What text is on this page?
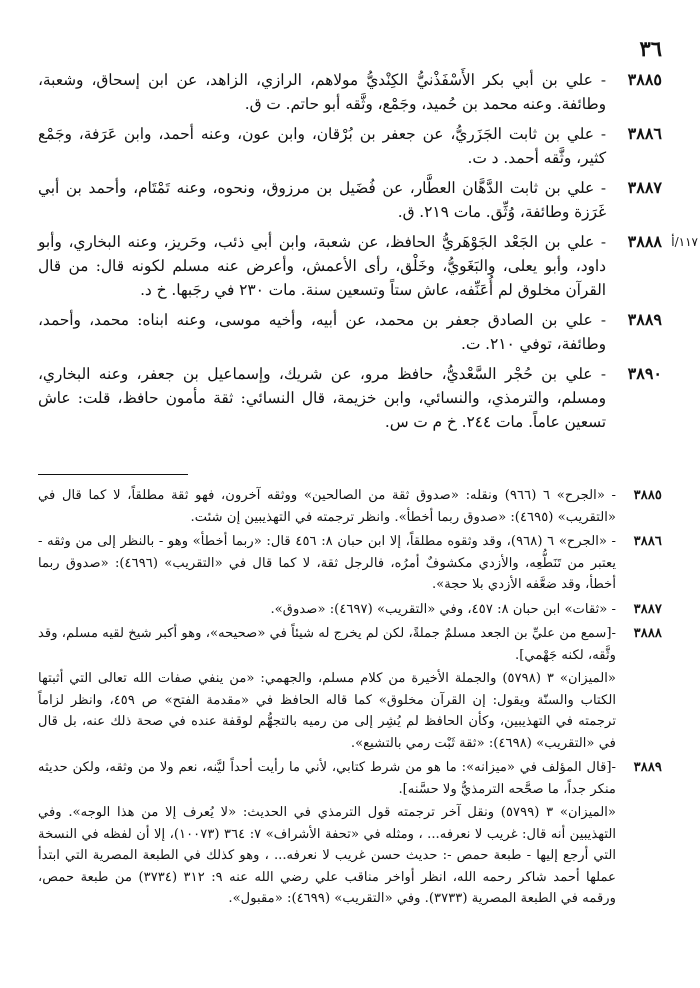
٣٦
٣٨٨٥
- علي بن أبي بكر الأَسْفَذْنيُّ الكِنْديُّ مولاهم، الرازي، الزاهد، عن ابن إسحاق، وشعبة، وطائفة. وعنه محمد بن حُميد، وجَمْع، وثَّقه أبو حاتم. ت ق.
٣٨٨٦
- علي بن ثابت الجَزَريُّ، عن جعفر بن بُرْقان، وابن عون، وعنه أحمد، وابن عَرَفة، وجَمْع كثير، وثَّقه أحمد. د ت.
٣٨٨٧
- علي بن ثابت الدَّهَّان العطَّار، عن فُضَيل بن مرزوق، ونحوه، وعنه تَمْتَام، وأحمد بن أبي غَرَزة وطائفة، وُثِّق. مات ٢١٩. ق.
٣٨٨٨ ١١٧/أ
- علي بن الجَعْد الجَوْهَريُّ الحافظ، عن شعبة، وابن أبي ذئب، وحَريز، وعنه البخاري، وأبو داود، وأبو يعلى، والبَغَويُّ، وخَلْق، رأى الأعمش، وأعرض عنه مسلم لكونه قال: من قال القرآن مخلوق لم أُعَنِّفه، عاش ستاً وتسعين سنة. مات ٢٣٠ في رجَبها. خ د.
٣٨٨٩
- علي بن الصادق جعفر بن محمد، عن أبيه، وأخيه موسى، وعنه ابناه: محمد، وأحمد، وطائفة، توفي ٢١٠. ت.
٣٨٩٠
- علي بن حُجْر السَّعْديُّ، حافظ مرو، عن شريك، وإسماعيل بن جعفر، وعنه البخاري، ومسلم، والترمذي، والنسائي، وابن خزيمة، قال النسائي: ثقة مأمون حافظ، قلت: عاش تسعين عاماً. مات ٢٤٤. خ م ت س.
٣٨٨٥

- «الجرح» ٦ (٩٦٦) ونقله: «صدوق ثقة من الصالحين» ووثقه آخرون، فهو ثقة مطلقاً، لا كما قال في «التقريب» (٤٦٩٥): «صدوق ربما أخطأ». وانظر ترجمته في التهذيبين إن شئت.

٣٨٨٦

- «الجرح» ٦ (٩٦٨)، وقد وثقوه مطلقاً، إلا ابن حبان ٨: ٤٥٦ قال: «ربما أخطأ» وهو - بالنظر إلى من وثقه - يعتبر من تَنَطُّعِه، والأزدي مكشوفٌ أمرُه، فالرجل ثقة، لا كما قال في «التقريب» (٤٦٩٦): «صدوق ربما أخطأ، وقد ضعَّفه الأزدي بلا حجة».

٣٨٨٧

- «ثقات» ابن حبان ٨: ٤٥٧، وفي «التقريب» (٤٦٩٧): «صدوق».

٣٨٨٨

-[سمع من عليِّ بن الجعد مسلمٌ جملةً، لكن لم يخرج له شيئاً في «صحيحه»، وهو أكبر شيخ لقيه مسلم، وقد وثَّقه، لكنه جَهْمي].

«الميزان» ٣ (٥٧٩٨) والجملة الأخيرة من كلام مسلم، والجهمي: «من ينفي صفات الله تعالى التي أثبتها الكتاب والسنّة ويقول: إن القرآن مخلوق» كما قاله الحافظ في «مقدمة الفتح» ص ٤٥٩، وانظر لزاماً ترجمته في التهذيبين، وكأن الحافظ لم يُشِر إلى من رميه بالتجهُّم لوقفة عنده في صحة ذلك عنه، بل قال في «التقريب» (٤٦٩٨): «ثقة ثَبْت رمي بالتشيع».

٣٨٨٩

-[قال المؤلف في «ميزانه»: ما هو من شرط كتابي، لأني ما رأيت أحداً ليَّنه، نعم ولا من وثقه، ولكن حديثه منكر جداً، ما صحَّحه الترمذيُّ ولا حسَّنه].

«الميزان» ٣ (٥٧٩٩) ونقل آخر ترجمته قول الترمذي في الحديث: «لا يُعرف إلا من هذا الوجه». وفي التهذيبين أنه قال: غريب لا نعرفه... ، ومثله في «تحفة الأشراف» ٧: ٣٦٤ (١٠٠٧٣)، إلا أن لفظه في النسخة التي أرجع إليها - طبعة حمص -: حديث حسن غريب لا نعرفه... ، وهو كذلك في الطبعة المصرية التي ابتدأ عملها أحمد شاكر رحمه الله، انظر أواخر مناقب علي رضي الله عنه ٩: ٣١٢ (٣٧٣٤) من طبعة حمص، ورقمه في الطبعة المصرية (٣٧٣٣). وفي «التقريب» (٤٦٩٩): «مقبول».
